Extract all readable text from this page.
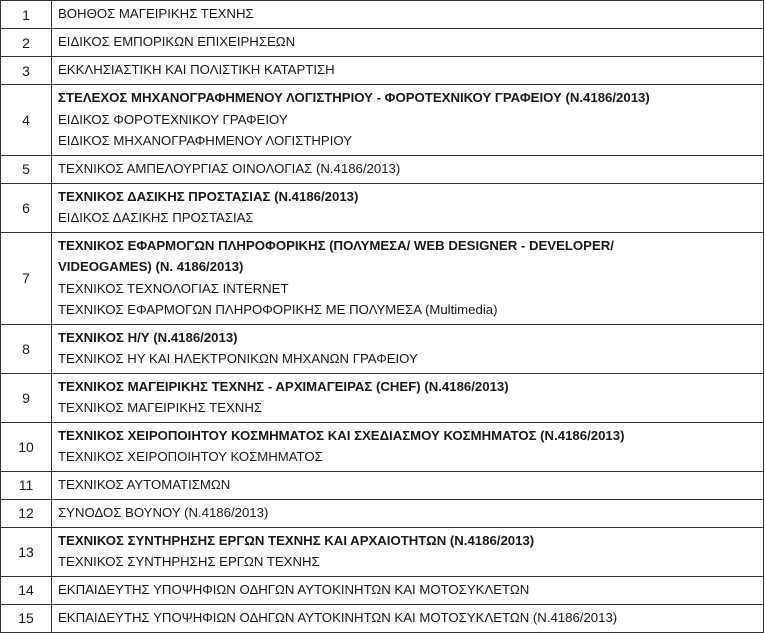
1	ΒΟΗΘΟΣ ΜΑΓΕΙΡΙΚΗΣ ΤΕΧΝΗΣ

2	ΕΙΔΙΚΟΣ ΕΜΠΟΡΙΚΩΝ ΕΠΙΧΕΙΡΗΣΕΩΝ

3	ΕΚΚΛΗΣΙΑΣΤΙΚΗ ΚΑΙ ΠΟΛΙΣΤΙΚΗ ΚΑΤΑΡΤΙΣΗ

4	ΣΤΕΛΕΧΟΣ ΜΗΧΑΝΟΓΡΑΦΗΜΕΝΟΥ ΛΟΓΙΣΤΗΡΙΟΥ - ΦΟΡΟΤΕΧΝΙΚΟΥ ΓΡΑΦΕΙΟΥ (Ν.4186/2013)
ΕΙΔΙΚΟΣ ΦΟΡΟΤΕΧΝΙΚΟΥ ΓΡΑΦΕΙΟΥ
ΕΙΔΙΚΟΣ ΜΗΧΑΝΟΓΡΑΦΗΜΕΝΟΥ ΛΟΓΙΣΤΗΡΙΟΥ

5	ΤΕΧΝΙΚΟΣ ΑΜΠΕΛΟΥΡΓΙΑΣ ΟΙΝΟΛΟΓΙΑΣ (Ν.4186/2013)

6	ΤΕΧΝΙΚΟΣ ΔΑΣΙΚΗΣ ΠΡΟΣΤΑΣΙΑΣ (Ν.4186/2013)
ΕΙΔΙΚΟΣ ΔΑΣΙΚΗΣ ΠΡΟΣΤΑΣΙΑΣ

7	ΤΕΧΝΙΚΟΣ ΕΦΑΡΜΟΓΩΝ ΠΛΗΡΟΦΟΡΙΚΗΣ (ΠΟΛΥΜΕΣΑ/ WEB DESIGNER - DEVELOPER/
VIDEOGAMES) (Ν. 4186/2013)
ΤΕΧΝΙΚΟΣ ΤΕΧΝΟΛΟΓΙΑΣ INTERNET
ΤΕΧΝΙΚΟΣ ΕΦΑΡΜΟΓΩΝ ΠΛΗΡΟΦΟΡΙΚΗΣ ΜΕ ΠΟΛΥΜΕΣΑ (Multimedia)

8	ΤΕΧΝΙΚΟΣ Η/Υ (Ν.4186/2013)
ΤΕΧΝΙΚΟΣ ΗΥ ΚΑΙ ΗΛΕΚΤΡΟΝΙΚΩΝ ΜΗΧΑΝΩΝ ΓΡΑΦΕΙΟΥ

9	ΤΕΧΝΙΚΟΣ ΜΑΓΕΙΡΙΚΗΣ ΤΕΧΝΗΣ - ΑΡΧΙΜΑΓΕΙΡΑΣ (CHEF) (Ν.4186/2013)
ΤΕΧΝΙΚΟΣ ΜΑΓΕΙΡΙΚΗΣ ΤΕΧΝΗΣ

10	ΤΕΧΝΙΚΟΣ ΧΕΙΡΟΠΟΙΗΤΟΥ ΚΟΣΜΗΜΑΤΟΣ ΚΑΙ ΣΧΕΔΙΑΣΜΟΥ ΚΟΣΜΗΜΑΤΟΣ (Ν.4186/2013)
ΤΕΧΝΙΚΟΣ ΧΕΙΡΟΠΟΙΗΤΟΥ ΚΟΣΜΗΜΑΤΟΣ

11	ΤΕΧΝΙΚΟΣ ΑΥΤΟΜΑΤΙΣΜΩΝ

12	ΣΥΝΟΔΟΣ ΒΟΥΝΟΥ (Ν.4186/2013)

13	ΤΕΧΝΙΚΟΣ ΣΥΝΤΗΡΗΣΗΣ ΕΡΓΩΝ ΤΕΧΝΗΣ ΚΑΙ ΑΡΧΑΙΟΤΗΤΩΝ (Ν.4186/2013)
ΤΕΧΝΙΚΟΣ ΣΥΝΤΗΡΗΣΗΣ ΕΡΓΩΝ ΤΕΧΝΗΣ

14	ΕΚΠΑΙΔΕΥΤΗΣ ΥΠΟΨΗΦΙΩΝ ΟΔΗΓΩΝ ΑΥΤΟΚΙΝΗΤΩΝ ΚΑΙ ΜΟΤΟΣΥΚΛΕΤΩΝ

15	ΕΚΠΑΙΔΕΥΤΗΣ ΥΠΟΨΗΦΙΩΝ ΟΔΗΓΩΝ ΑΥΤΟΚΙΝΗΤΩΝ ΚΑΙ ΜΟΤΟΣΥΚΛΕΤΩΝ (Ν.4186/2013)
